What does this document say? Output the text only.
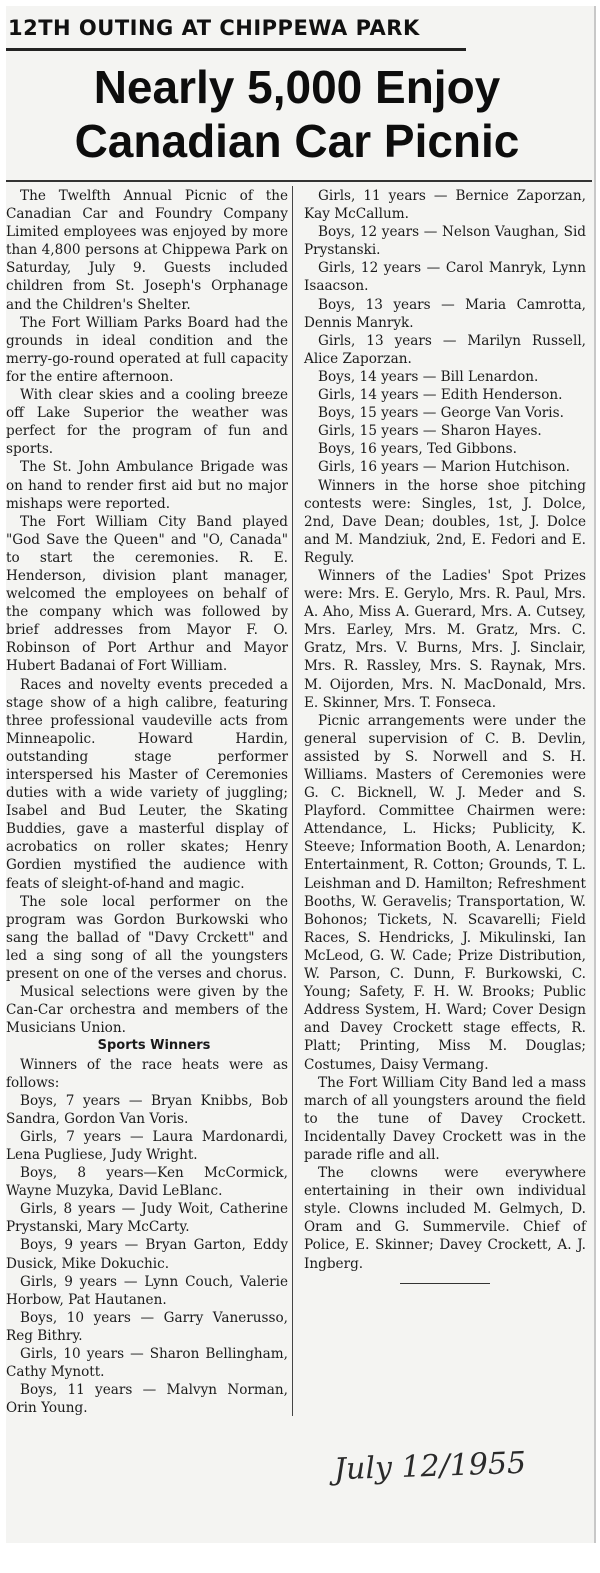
12TH OUTING AT CHIPPEWA PARK
Nearly 5,000 Enjoy
Canadian Car Picnic

The Twelfth Annual Picnic of the Canadian Car and Foundry Company Limited employees was enjoyed by more than 4,800 persons at Chippewa Park on Saturday, July 9. Guests included children from St. Joseph's Orphanage and the Children's Shelter.

The Fort William Parks Board had the grounds in ideal condition and the merry-go-round operated at full capacity for the entire afternoon.

With clear skies and a cooling breeze off Lake Superior the weather was perfect for the program of fun and sports.

The St. John Ambulance Brigade was on hand to render first aid but no major mishaps were reported.

The Fort William City Band played "God Save the Queen" and "O, Canada" to start the ceremonies. R. E. Henderson, division plant manager, welcomed the employees on behalf of the company which was followed by brief addresses from Mayor F. O. Robinson of Port Arthur and Mayor Hubert Badanai of Fort William.

Races and novelty events preceded a stage show of a high calibre, featuring three professional vaudeville acts from Minneapolic. Howard Hardin, outstanding stage performer interspersed his Master of Ceremonies duties with a wide variety of juggling; Isabel and Bud Leuter, the Skating Buddies, gave a masterful display of acrobatics on roller skates; Henry Gordien mystified the audience with feats of sleight-of-hand and magic.

The sole local performer on the program was Gordon Burkowski who sang the ballad of "Davy Crckett" and led a sing song of all the youngsters present on one of the verses and chorus.

Musical selections were given by the Can-Car orchestra and members of the Musicians Union.

Sports Winners

Winners of the race heats were as follows:

Boys, 7 years — Bryan Knibbs, Bob Sandra, Gordon Van Voris.

Girls, 7 years — Laura Mardonardi, Lena Pugliese, Judy Wright.

Boys, 8 years—Ken McCormick, Wayne Muzyka, David LeBlanc.

Girls, 8 years — Judy Woit, Catherine Prystanski, Mary McCarty.

Boys, 9 years — Bryan Garton, Eddy Dusick, Mike Dokuchic.

Girls, 9 years — Lynn Couch, Valerie Horbow, Pat Hautanen.

Boys, 10 years — Garry Vanerusso, Reg Bithry.

Girls, 10 years — Sharon Bellingham, Cathy Mynott.

Boys, 11 years — Malvyn Norman, Orin Young.

Girls, 11 years — Bernice Zaporzan, Kay McCallum.

Boys, 12 years — Nelson Vaughan, Sid Prystanski.

Girls, 12 years — Carol Manryk, Lynn Isaacson.

Boys, 13 years — Maria Camrotta, Dennis Manryk.

Girls, 13 years — Marilyn Russell, Alice Zaporzan.

Boys, 14 years — Bill Lenardon.

Girls, 14 years — Edith Henderson.

Boys, 15 years — George Van Voris.

Girls, 15 years — Sharon Hayes.

Boys, 16 years, Ted Gibbons.

Girls, 16 years — Marion Hutchison.

Winners in the horse shoe pitching contests were: Singles, 1st, J. Dolce, 2nd, Dave Dean; doubles, 1st, J. Dolce and M. Mandziuk, 2nd, E. Fedori and E. Reguly.

Winners of the Ladies' Spot Prizes were: Mrs. E. Gerylo, Mrs. R. Paul, Mrs. A. Aho, Miss A. Guerard, Mrs. A. Cutsey, Mrs. Earley, Mrs. M. Gratz, Mrs. C. Gratz, Mrs. V. Burns, Mrs. J. Sinclair, Mrs. R. Rassley, Mrs. S. Raynak, Mrs. M. Oijorden, Mrs. N. MacDonald, Mrs. E. Skinner, Mrs. T. Fonseca.

Picnic arrangements were under the general supervision of C. B. Devlin, assisted by S. Norwell and S. H. Williams. Masters of Ceremonies were G. C. Bicknell, W. J. Meder and S. Playford. Committee Chairmen were: Attendance, L. Hicks; Publicity, K. Steeve; Information Booth, A. Lenardon; Entertainment, R. Cotton; Grounds, T. L. Leishman and D. Hamilton; Refreshment Booths, W. Geravelis; Transportation, W. Bohonos; Tickets, N. Scavarelli; Field Races, S. Hendricks, J. Mikulinski, Ian McLeod, G. W. Cade; Prize Distribution, W. Parson, C. Dunn, F. Burkowski, C. Young; Safety, F. H. W. Brooks; Public Address System, H. Ward; Cover Design and Davey Crockett stage effects, R. Platt; Printing, Miss M. Douglas; Costumes, Daisy Vermang.

The Fort William City Band led a mass march of all youngsters around the field to the tune of Davey Crockett. Incidentally Davey Crockett was in the parade rifle and all.

The clowns were everywhere entertaining in their own individual style. Clowns included M. Gelmych, D. Oram and G. Summervile. Chief of Police, E. Skinner; Davey Crockett, A. J. Ingberg.

July 12/1955
